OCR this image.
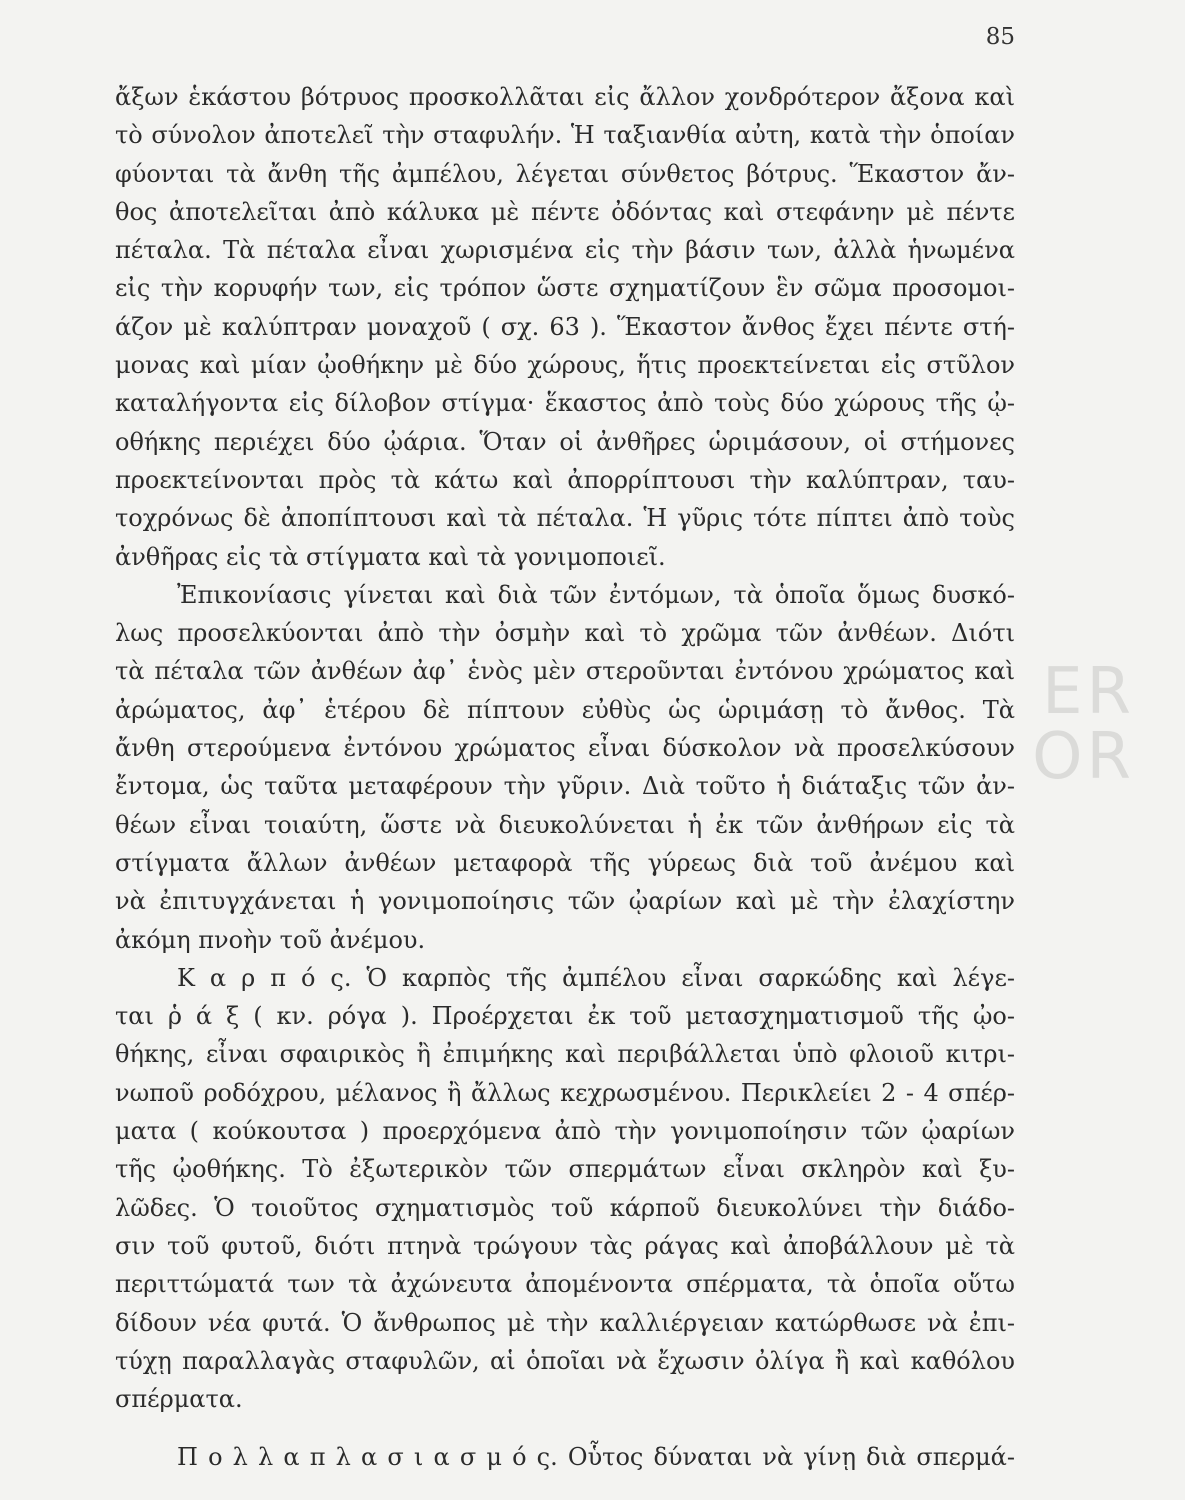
85
ER
OR
ἄξων ἑκάστου βότρυος προσκολλᾶται εἰς ἄλλον χονδρότερον ἄξονα καὶ
τὸ σύνολον ἀποτελεῖ τὴν σταφυλήν. Ἡ ταξιανθία αὐτη, κατὰ τὴν ὁποίαν
φύονται τὰ ἄνθη τῆς ἀμπέλου, λέγεται σύνθετος βότρυς. Ἕκαστον ἄν-
θος ἀποτελεῖται ἀπὸ κάλυκα μὲ πέντε ὀδόντας καὶ στεφάνην μὲ πέντε
πέταλα. Τὰ πέταλα εἶναι χωρισμένα εἰς τὴν βάσιν των, ἀλλὰ ἡνωμένα
εἰς τὴν κορυφήν των, εἰς τρόπον ὥστε σχηματίζουν ἓν σῶμα προσομοι-
άζον μὲ καλύπτραν μοναχοῦ ( σχ. 63 ). Ἕκαστον ἄνθος ἔχει πέντε στή-
μονας καὶ μίαν ᾠοθήκην μὲ δύο χώρους, ἥτις προεκτείνεται εἰς στῦλον
καταλήγοντα εἰς δίλοβον στίγμα· ἕκαστος ἀπὸ τοὺς δύο χώρους τῆς ᾠ-
οθήκης περιέχει δύο ᾠάρια. Ὅταν οἱ ἀνθῆρες ὡριμάσουν, οἱ στήμονες
προεκτείνονται πρὸς τὰ κάτω καὶ ἀπορρίπτουσι τὴν καλύπτραν, ταυ-
τοχρόνως δὲ ἀποπίπτουσι καὶ τὰ πέταλα. Ἡ γῦρις τότε πίπτει ἀπὸ τοὺς
ἀνθῆρας εἰς τὰ στίγματα καὶ τὰ γονιμοποιεῖ.
Ἐπικονίασις γίνεται καὶ διὰ τῶν ἐντόμων, τὰ ὁποῖα ὅμως δυσκό-
λως προσελκύονται ἀπὸ τὴν ὀσμὴν καὶ τὸ χρῶμα τῶν ἀνθέων. Διότι
τὰ πέταλα τῶν ἀνθέων ἀφ᾽ ἑνὸς μὲν στεροῦνται ἐντόνου χρώματος καὶ
ἀρώματος, ἀφ᾽ ἑτέρου δὲ πίπτουν εὐθὺς ὡς ὡριμάσῃ τὸ ἄνθος. Τὰ
ἄνθη στερούμενα ἐντόνου χρώματος εἶναι δύσκολον νὰ προσελκύσουν
ἔντομα, ὡς ταῦτα μεταφέρουν τὴν γῦριν. Διὰ τοῦτο ἡ διάταξις τῶν ἀν-
θέων εἶναι τοιαύτη, ὥστε νὰ διευκολύνεται ἡ ἐκ τῶν ἀνθήρων εἰς τὰ
στίγματα ἄλλων ἀνθέων μεταφορὰ τῆς γύρεως διὰ τοῦ ἀνέμου καὶ
νὰ ἐπιτυγχάνεται ἡ γονιμοποίησις τῶν ᾠαρίων καὶ μὲ τὴν ἐλαχίστην
ἀκόμη πνοὴν τοῦ ἀνέμου.
Κ α ρ π ό ς. Ὁ καρπὸς τῆς ἀμπέλου εἶναι σαρκώδης καὶ λέγε-
ται ῥ ά ξ ( κν. ρόγα ). Προέρχεται ἐκ τοῦ μετασχηματισμοῦ τῆς ᾠο-
θήκης, εἶναι σφαιρικὸς ἢ ἐπιμήκης καὶ περιβάλλεται ὑπὸ φλοιοῦ κιτρι-
νωποῦ ροδόχρου, μέλανος ἢ ἄλλως κεχρωσμένου. Περικλείει 2 - 4 σπέρ-
ματα ( κούκουτσα ) προερχόμενα ἀπὸ τὴν γονιμοποίησιν τῶν ᾠαρίων
τῆς ᾠοθήκης. Τὸ ἐξωτερικὸν τῶν σπερμάτων εἶναι σκληρὸν καὶ ξυ-
λῶδες. Ὁ τοιοῦτος σχηματισμὸς τοῦ κάρποῦ διευκολύνει τὴν διάδο-
σιν τοῦ φυτοῦ, διότι πτηνὰ τρώγουν τὰς ράγας καὶ ἀποβάλλουν μὲ τὰ
περιττώματά των τὰ ἀχώνευτα ἀπομένοντα σπέρματα, τὰ ὁποῖα οὕτω
δίδουν νέα φυτά. Ὁ ἄνθρωπος μὲ τὴν καλλιέργειαν κατώρθωσε νὰ ἐπι-
τύχῃ παραλλαγὰς σταφυλῶν, αἱ ὁποῖαι νὰ ἔχωσιν ὀλίγα ἢ καὶ καθόλου
σπέρματα.
Π ο λ λ α π λ α σ ι α σ μ ό ς. Οὗτος δύναται νὰ γίνῃ διὰ σπερμά-
